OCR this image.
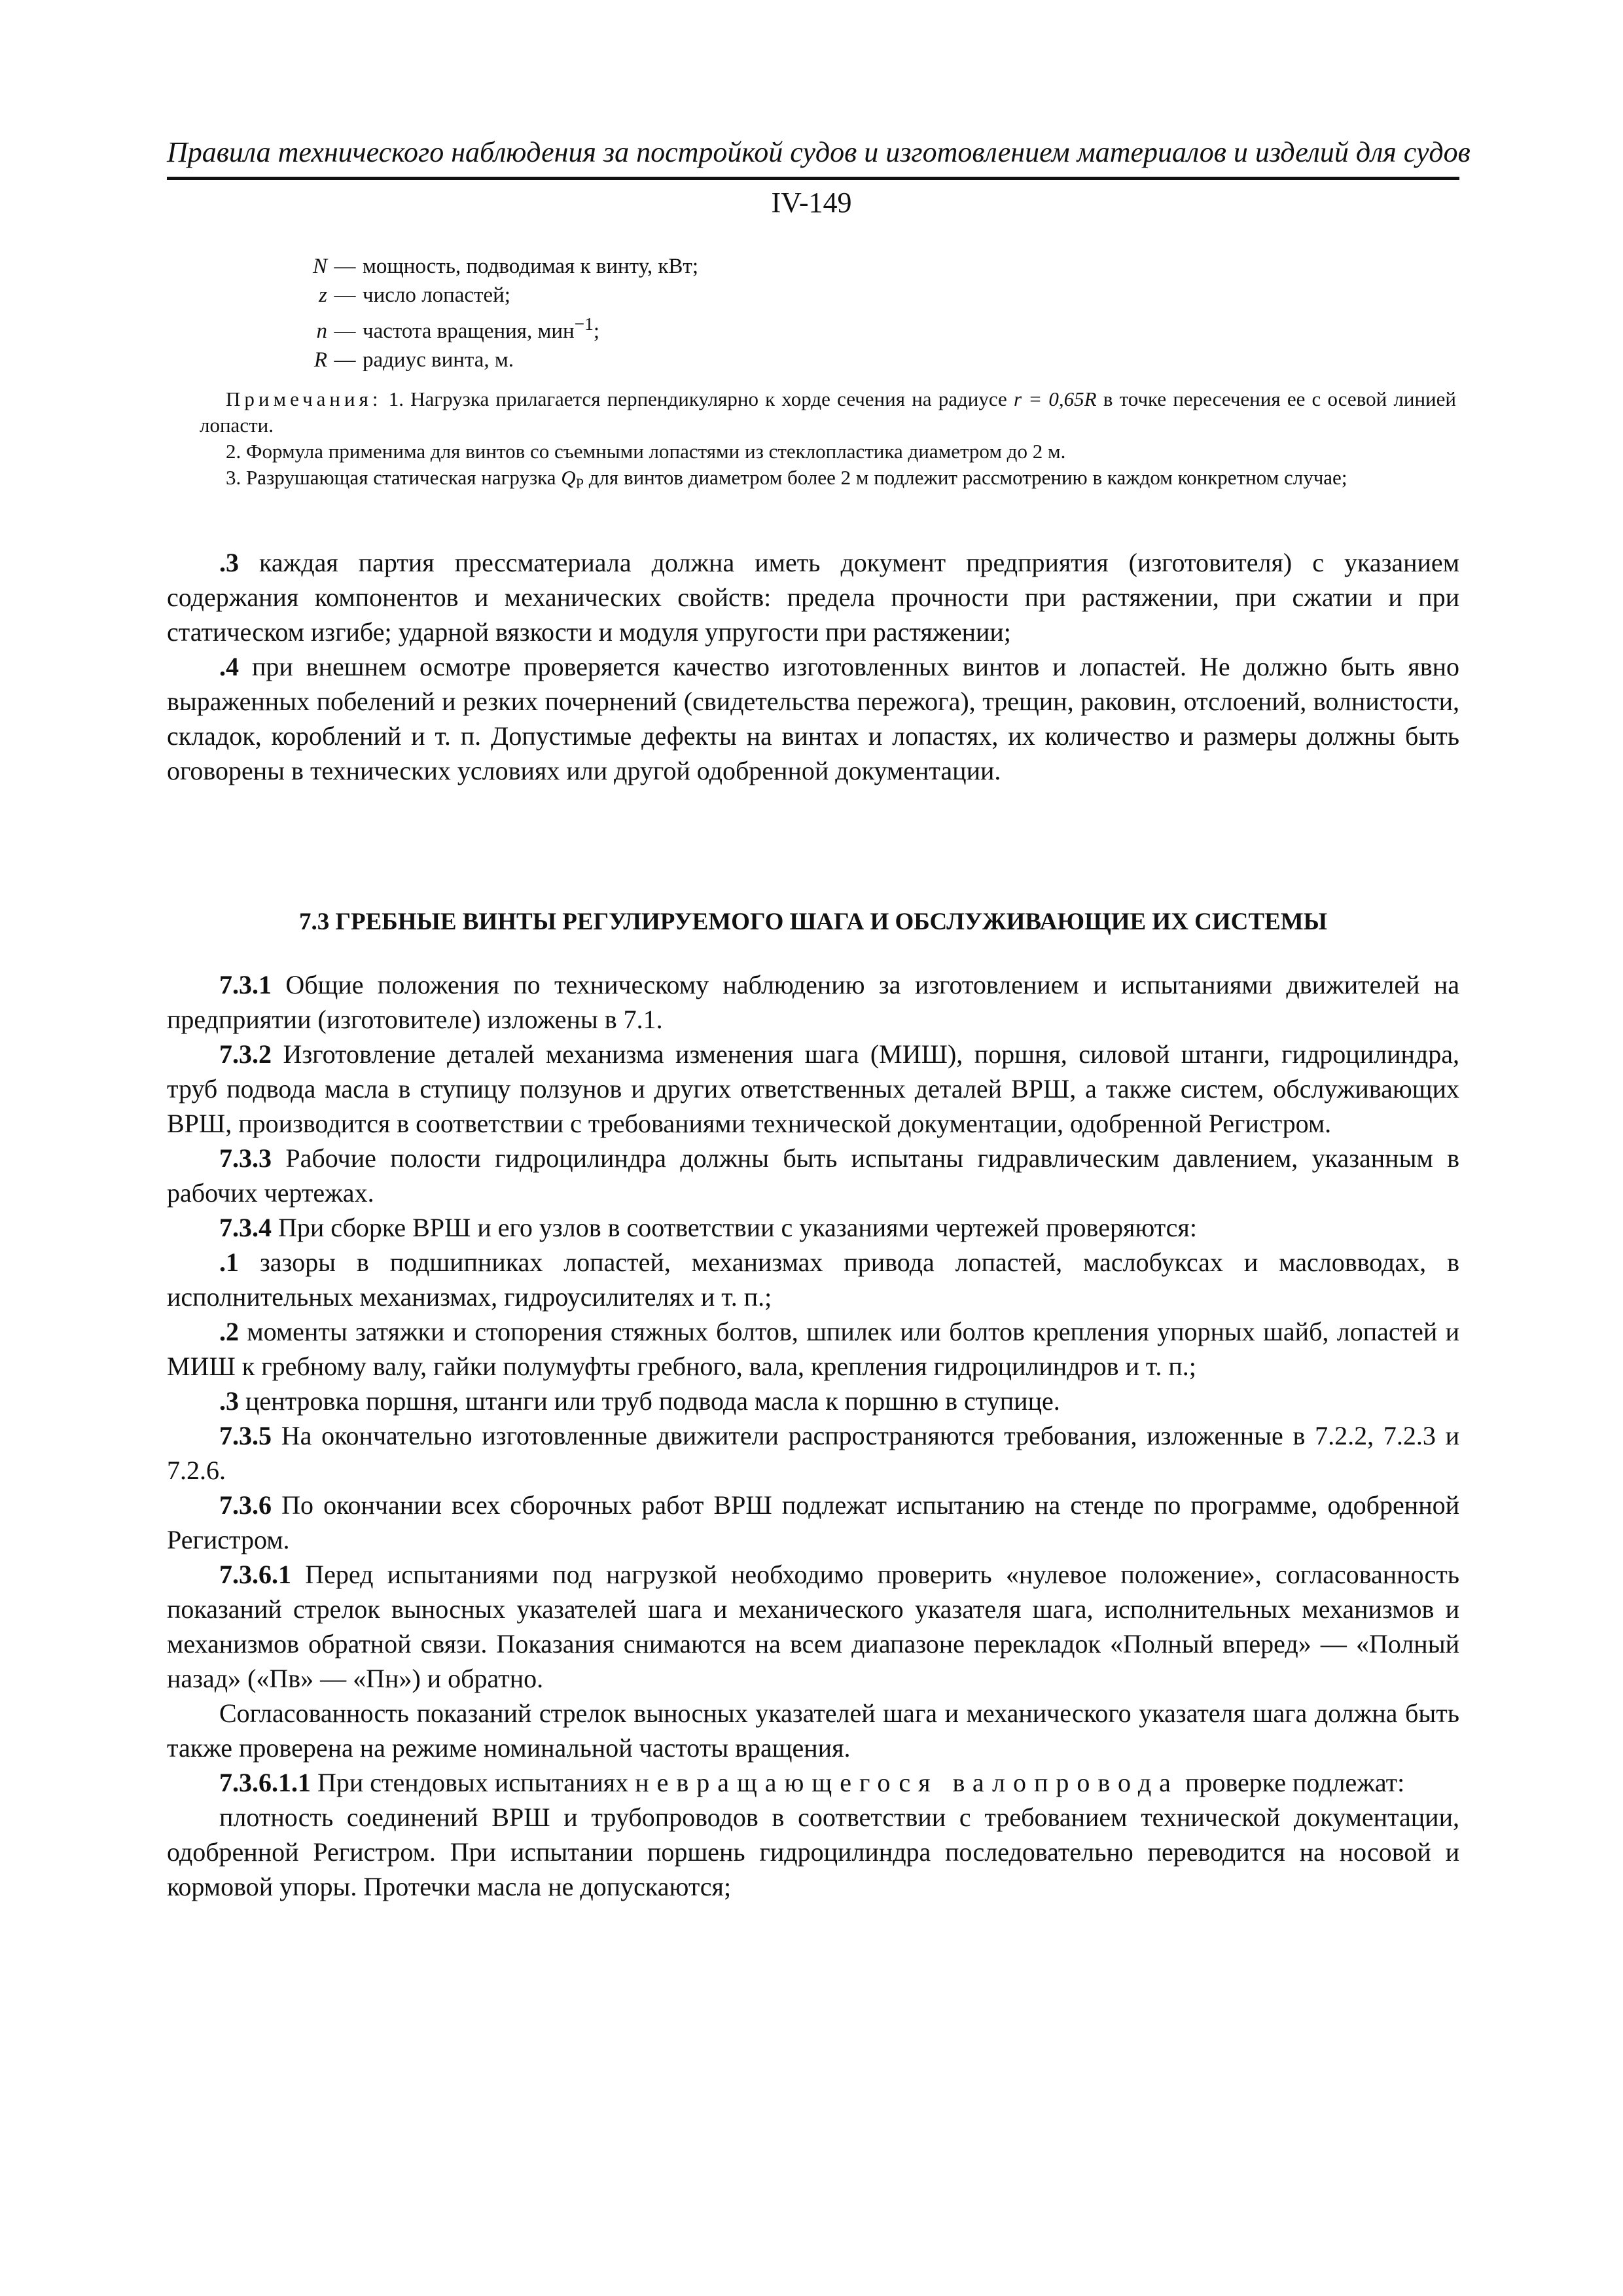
Правила технического наблюдения за постройкой судов и изготовлением материалов и изделий для судов
IV-149
N — мощность, подводимая к винту, кВт;
z — число лопастей;
n — частота вращения, мин$^{-1}$;
R — радиус винта, м.

Примечания: 1. Нагрузка прилагается перпендикулярно к хорде сечения на радиусе r = 0,65R в точке пересечения ее с осевой линией лопасти.

2. Формула применима для винтов со съемными лопастями из стеклопластика диаметром до 2 м.

3. Разрушающая статическая нагрузка $Q_P$ для винтов диаметром более 2 м подлежит рассмотрению в каждом конкретном случае;

.3 каждая партия прессматериала должна иметь документ предприятия (изготовителя) с указанием содержания компонентов и механических свойств: предела прочности при растяжении, при сжатии и при статическом изгибе; ударной вязкости и модуля упругости при растяжении;

.4 при внешнем осмотре проверяется качество изготовленных винтов и лопастей. Не должно быть явно выраженных побелений и резких почернений (свидетельства пережога), трещин, раковин, отслоений, волнистости, складок, короблений и т. п. Допустимые дефекты на винтах и лопастях, их количество и размеры должны быть оговорены в технических условиях или другой одобренной документации.

7.3 ГРЕБНЫЕ ВИНТЫ РЕГУЛИРУЕМОГО ШАГА И ОБСЛУЖИВАЮЩИЕ ИХ СИСТЕМЫ

7.3.1 Общие положения по техническому наблюдению за изготовлением и испытаниями движителей на предприятии (изготовителе) изложены в 7.1.

7.3.2 Изготовление деталей механизма изменения шага (МИШ), поршня, силовой штанги, гидроцилиндра, труб подвода масла в ступицу ползунов и других ответственных деталей ВРШ, а также систем, обслуживающих ВРШ, производится в соответствии с требованиями технической документации, одобренной Регистром.

7.3.3 Рабочие полости гидроцилиндра должны быть испытаны гидравлическим давлением, указанным в рабочих чертежах.

7.3.4 При сборке ВРШ и его узлов в соответствии с указаниями чертежей проверяются:

.1 зазоры в подшипниках лопастей, механизмах привода лопастей, маслобуксах и масловводах, в исполнительных механизмах, гидроусилителях и т. п.;

.2 моменты затяжки и стопорения стяжных болтов, шпилек или болтов крепления упорных шайб, лопастей и МИШ к гребному валу, гайки полумуфты гребного, вала, крепления гидроцилиндров и т. п.;

.3 центровка поршня, штанги или труб подвода масла к поршню в ступице.

7.3.5 На окончательно изготовленные движители распространяются требования, изложенные в 7.2.2, 7.2.3 и 7.2.6.

7.3.6 По окончании всех сборочных работ ВРШ подлежат испытанию на стенде по программе, одобренной Регистром.

7.3.6.1 Перед испытаниями под нагрузкой необходимо проверить «нулевое положение», согласованность показаний стрелок выносных указателей шага и механического указателя шага, исполнительных механизмов и механизмов обратной связи. Показания снимаются на всем диапазоне перекладок «Полный вперед» — «Полный назад» («Пв» — «Пн») и обратно.

Согласованность показаний стрелок выносных указателей шага и механического указателя шага должна быть также проверена на режиме номинальной частоты вращения.

7.3.6.1.1 При стендовых испытаниях невращающегося валопровода проверке подлежат:

плотность соединений ВРШ и трубопроводов в соответствии с требованием технической документации, одобренной Регистром. При испытании поршень гидроцилиндра последовательно переводится на носовой и кормовой упоры. Протечки масла не допускаются;
